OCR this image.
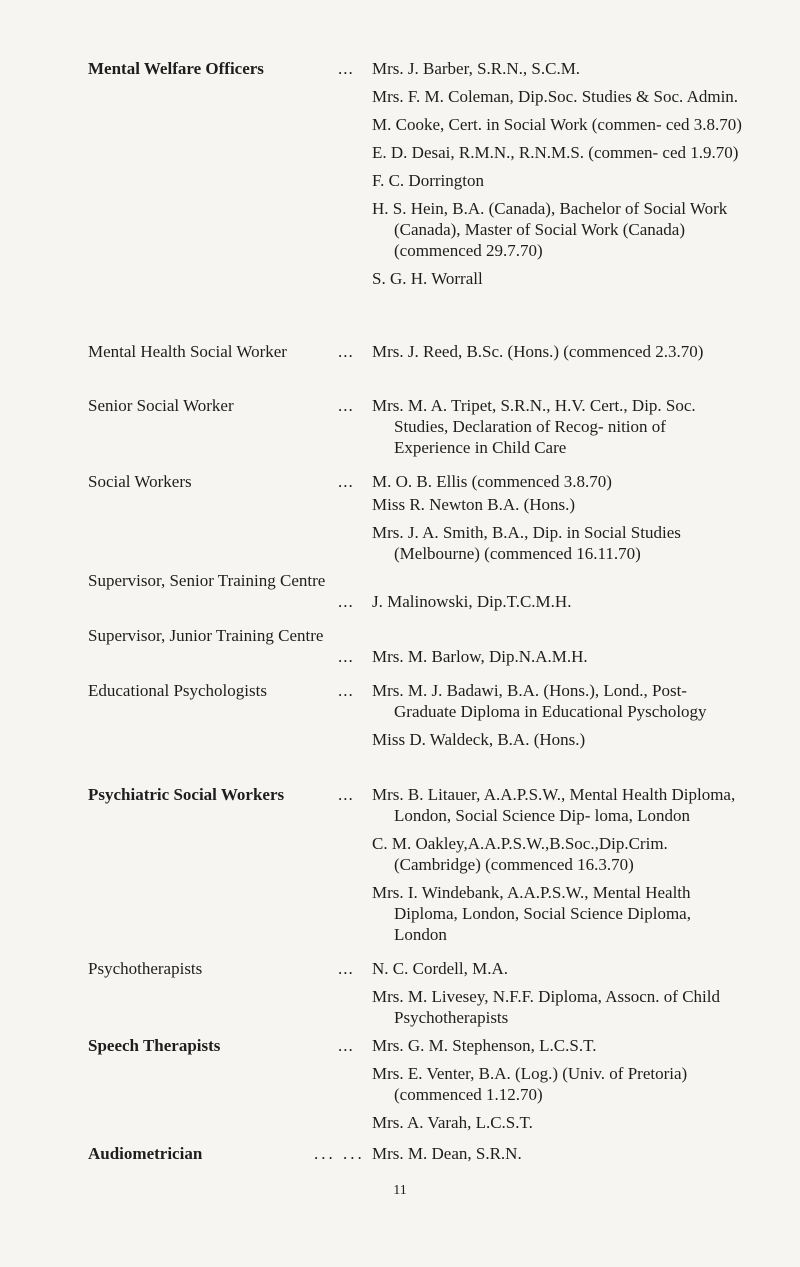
Mental Welfare Officers	...	Mrs. J. Barber, S.R.N., S.C.M.
Mrs. F. M. Coleman, Dip.Soc. Studies & Soc. Admin.
M. Cooke, Cert. in Social Work (commen- ced 3.8.70)
E. D. Desai, R.M.N., R.N.M.S. (commen- ced 1.9.70)
F. C. Dorrington
H. S. Hein, B.A. (Canada), Bachelor of Social Work (Canada), Master of Social Work (Canada) (commenced 29.7.70)
S. G. H. Worrall
Mental Health Social Worker	...	Mrs. J. Reed, B.Sc. (Hons.) (commenced 2.3.70)
Senior Social Worker	...	Mrs. M. A. Tripet, S.R.N., H.V. Cert., Dip. Soc. Studies, Declaration of Recog- nition of Experience in Child Care
Social Workers	...	M. O. B. Ellis (commenced 3.8.70)
Miss R. Newton B.A. (Hons.)
Mrs. J. A. Smith, B.A., Dip. in Social Studies (Melbourne) (commenced 16.11.70)
Supervisor, Senior Training Centre
...	J. Malinowski, Dip.T.C.M.H.
Supervisor, Junior Training Centre
...	Mrs. M. Barlow, Dip.N.A.M.H.
Educational Psychologists	...	Mrs. M. J. Badawi, B.A. (Hons.), Lond., Post-Graduate Diploma in Educational Pyschology
Miss D. Waldeck, B.A. (Hons.)
Psychiatric Social Workers	...	Mrs. B. Litauer, A.A.P.S.W., Mental Health Diploma, London, Social Science Dip- loma, London
C. M. Oakley,A.A.P.S.W.,B.Soc.,Dip.Crim. (Cambridge) (commenced 16.3.70)
Mrs. I. Windebank, A.A.P.S.W., Mental Health Diploma, London, Social Science Diploma, London
Psychotherapists	...	N. C. Cordell, M.A.
Mrs. M. Livesey, N.F.F. Diploma, Assocn. of Child Psychotherapists
Speech Therapists	...	Mrs. G. M. Stephenson, L.C.S.T.
Mrs. E. Venter, B.A. (Log.) (Univ. of Pretoria) (commenced 1.12.70)
Mrs. A. Varah, L.C.S.T.
Audiometrician	... ... Mrs. M. Dean, S.R.N.
11
